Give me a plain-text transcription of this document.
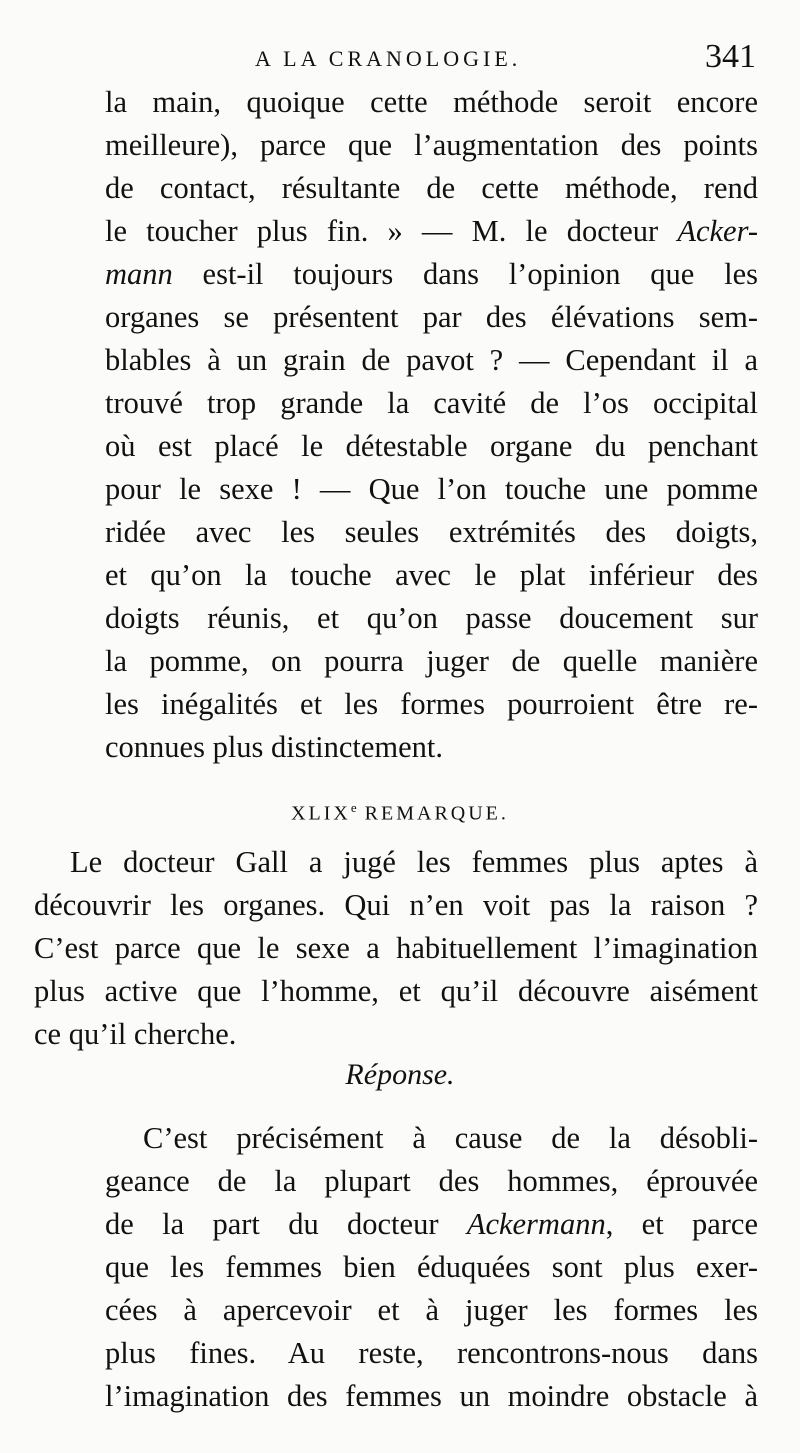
A LA CRANOLOGIE.	341
la main, quoique cette méthode seroit encore
meilleure), parce que l’augmentation des points
de contact, résultante de cette méthode, rend
le toucher plus fin. » — M. le docteur Acker-
mann est-il toujours dans l’opinion que les
organes se présentent par des élévations sem-
blables à un grain de pavot ? — Cependant il a
trouvé trop grande la cavité de l’os occipital
où est placé le détestable organe du penchant
pour le sexe ! — Que l’on touche une pomme
ridée avec les seules extrémités des doigts,
et qu’on la touche avec le plat inférieur des
doigts réunis, et qu’on passe doucement sur
la pomme, on pourra juger de quelle manière
les inégalités et les formes pourroient être re-
connues plus distinctement.
XLIXe REMARQUE.
Le docteur Gall a jugé les femmes plus aptes à
découvrir les organes. Qui n’en voit pas la raison ?
C’est parce que le sexe a habituellement l’imagination
plus active que l’homme, et qu’il découvre aisément
ce qu’il cherche.
Réponse.
C’est précisément à cause de la désobli-
geance de la plupart des hommes, éprouvée
de la part du docteur Ackermann, et parce
que les femmes bien éduquées sont plus exer-
cées à apercevoir et à juger les formes les
plus fines. Au reste, rencontrons-nous dans
l’imagination des femmes un moindre obstacle à
